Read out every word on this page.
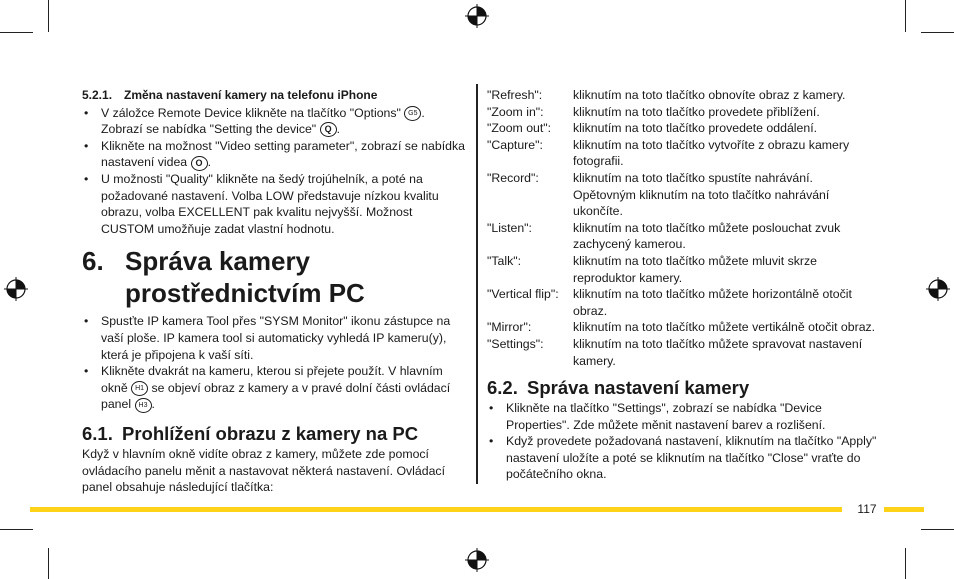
5.2.1. Změna nastavení kamery na telefonu iPhone
• V záložce Remote Device klikněte na tlačítko "Options" G5 .
Zobrazí se nabídka "Setting the device" Q .
• Klikněte na možnost "Video setting parameter", zobrazí se nabídka nastavení videa O .
• U možnosti "Quality" klikněte na šedý trojúhelník, a poté na požadované nastavení. Volba LOW představuje nízkou kvalitu obrazu, volba EXCELLENT pak kvalitu nejvyšší. Možnost CUSTOM umožňuje zadat vlastní hodnotu.
6. Správa kamery prostřednictvím PC
• Spusťte IP kamera Tool přes "SYSM Monitor" ikonu zástupce na vaší ploše. IP kamera tool si automaticky vyhledá IP kameru(y), která je připojena k vaší síti.
• Klikněte dvakrát na kameru, kterou si přejete použít. V hlavním okně H1 se objeví obraz z kamery a v pravé dolní části ovládací panel H3 .
6.1. Prohlížení obrazu z kamery na PC
Když v hlavním okně vidíte obraz z kamery, můžete zde pomocí ovládacího panelu měnit a nastavovat některá nastavení. Ovládací panel obsahuje následující tlačítka:
"Refresh":	kliknutím na toto tlačítko obnovíte obraz z kamery.
"Zoom in":	kliknutím na toto tlačítko provedete přiblížení.
"Zoom out":	kliknutím na toto tlačítko provedete oddálení.
"Capture":	kliknutím na toto tlačítko vytvoříte z obrazu kamery fotografii.
"Record":	kliknutím na toto tlačítko spustíte nahrávání. Opětovným kliknutím na toto tlačítko nahrávání ukončíte.
"Listen":	kliknutím na toto tlačítko můžete poslouchat zvuk zachycený kamerou.
"Talk":	kliknutím na toto tlačítko můžete mluvit skrze reproduktor kamery.
"Vertical flip":	kliknutím na toto tlačítko můžete horizontálně otočit obraz.
"Mirror":	kliknutím na toto tlačítko můžete vertikálně otočit obraz.
"Settings":	kliknutím na toto tlačítko můžete spravovat nastavení kamery.
6.2. Správa nastavení kamery
• Klikněte na tlačítko "Settings", zobrazí se nabídka "Device Properties". Zde můžete měnit nastavení barev a rozlišení.
• Když provedete požadovaná nastavení, kliknutím na tlačítko "Apply" nastavení uložíte a poté se kliknutím na tlačítko "Close" vraťte do počátečního okna.
117
